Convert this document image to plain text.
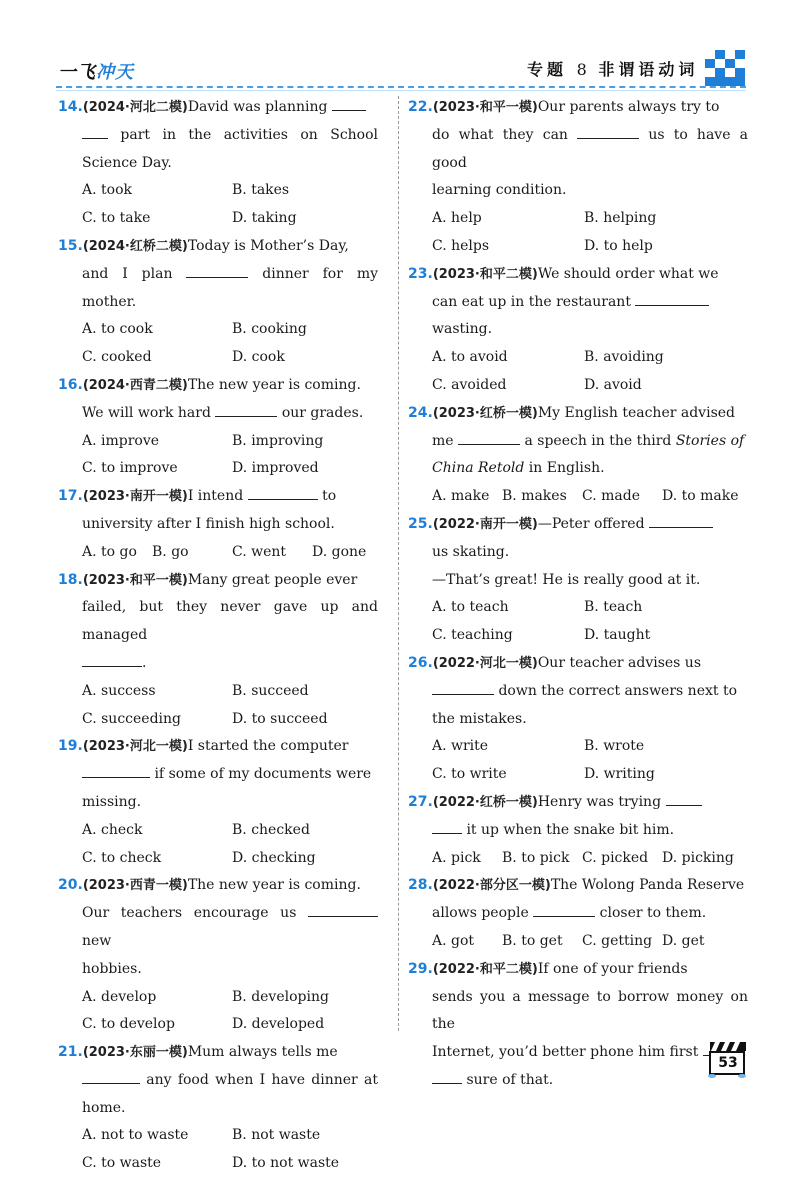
一飞冲天	专题 8 非谓语动词
14.(2024·河北二模)David was planning
part in the activities on School Science Day.
A. took	B. takes
C. to take	D. taking
15.(2024·红桥二模)Today is Mother’s Day,
and I plan	dinner for my mother.
A. to cook	B. cooking
C. cooked	D. cook
16.(2024·西青二模)The new year is coming.
We will work hard	our grades.
A. improve	B. improving
C. to improve	D. improved
17.(2023·南开一模)I intend	to
university after I finish high school.
A. to go	B. go	C. went	D. gone
18.(2023·和平一模)Many great people ever
failed, but they never gave up and managed
.
A. success	B. succeed
C. succeeding	D. to succeed
19.(2023·河北一模)I started the computer
if some of my documents were
missing.
A. check	B. checked
C. to check	D. checking
20.(2023·西青一模)The new year is coming.
Our teachers encourage us  new
hobbies.
A. develop	B. developing
C. to develop	D. developed
21.(2023·东丽一模)Mum always tells me
any food when I have dinner at home.
A. not to waste	B. not waste
C. to waste	D. to not waste
22.(2023·和平一模)Our parents always try to
do what they can	us to have a good
learning condition.
A. help	B. helping
C. helps	D. to help
23.(2023·和平二模)We should order what we
can eat up in the restaurant
wasting.
A. to avoid	B. avoiding
C. avoided	D. avoid
24.(2023·红桥一模)My English teacher advised
me	a speech in the third Stories of
China Retold in English.
A. make B. makes	C. made	D. to make
25.(2022·南开一模)—Peter offered
us skating.
—That’s great! He is really good at it.
A. to teach	B. teach
C. teaching	D. taught
26.(2022·河北一模)Our teacher advises us
down the correct answers next to
the mistakes.
A. write	B. wrote
C. to write	D. writing
27.(2022·红桥一模)Henry was trying
it up when the snake bit him.
A. pick	B. to pick C. picked D. picking
28.(2022·部分区一模)The Wolong Panda Reserve
allows people	closer to them.
A. got	B. to get	C. getting D. get
29.(2022·和平二模)If one of your friends
sends you a message to borrow money on the
Internet, you’d better phone him first
sure of that.
53
